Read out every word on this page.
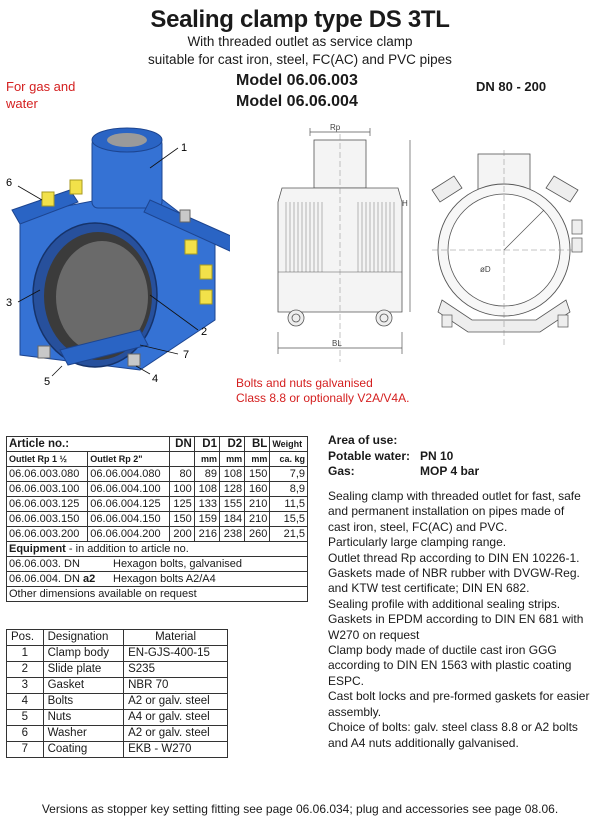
Sealing clamp type DS 3TL
With threaded outlet as service clamp
suitable for cast iron, steel, FC(AC) and PVC pipes
Model 06.06.003
Model 06.06.004
DN 80 - 200
For gas and
water
1
6
3
2
7
5	4
Rp
H
BL
øD
Bolts and nuts galvanised
Class 8.8 or optionally V2A/V4A.
Article no.:		DN	D1	D2	BL	Weight
Outlet Rp 1 ½	Outlet Rp 2"		mm	mm	mm	ca. kg
06.06.003.080	06.06.004.080	80	89	108	150	7,9
06.06.003.100	06.06.004.100	100	108	128	160	8,9
06.06.003.125	06.06.004.125	125	133	155	210	11,5
06.06.003.150	06.06.004.150	150	159	184	210	15,5
06.06.003.200	06.06.004.200	200	216	238	260	21,5
Equipment - in addition to article no.						
06.06.003. DN Hexagon bolts, galvanised						
06.06.004. DN a2 Hexagon bolts A2/A4						
Other dimensions available on request						
Pos.	Designation	Material
1	Clamp body	EN-GJS-400-15
2	Slide plate	S235
3	Gasket	NBR 70
4	Bolts	A2 or galv. steel
5	Nuts	A4 or galv. steel
6	Washer	A2 or galv. steel
7	Coating	EKB - W270
Area of use:
Potable water: PN 10
Gas:	MOP 4 bar

Sealing clamp with threaded outlet for fast, safe

and permanent installation on pipes made of

cast iron, steel, FC(AC) and PVC.

Particularly large clamping range.

Outlet thread Rp according to DIN EN 10226-1.

Gaskets made of NBR rubber with DVGW-Reg.

and KTW test certificate; DIN EN 682.

Sealing profile with additional sealing strips.

Gaskets in EPDM according to DIN EN 681 with

W270 on request

Clamp body made of ductile cast iron GGG

according to DIN EN 1563 with plastic coating

ESPC.

Cast bolt locks and pre-formed gaskets for easier

assembly.

Choice of bolts: galv. steel class 8.8 or A2 bolts

and A4 nuts additionally galvanised.

Versions as stopper key setting fitting see page 06.06.034; plug and accessories see page 08.06.
